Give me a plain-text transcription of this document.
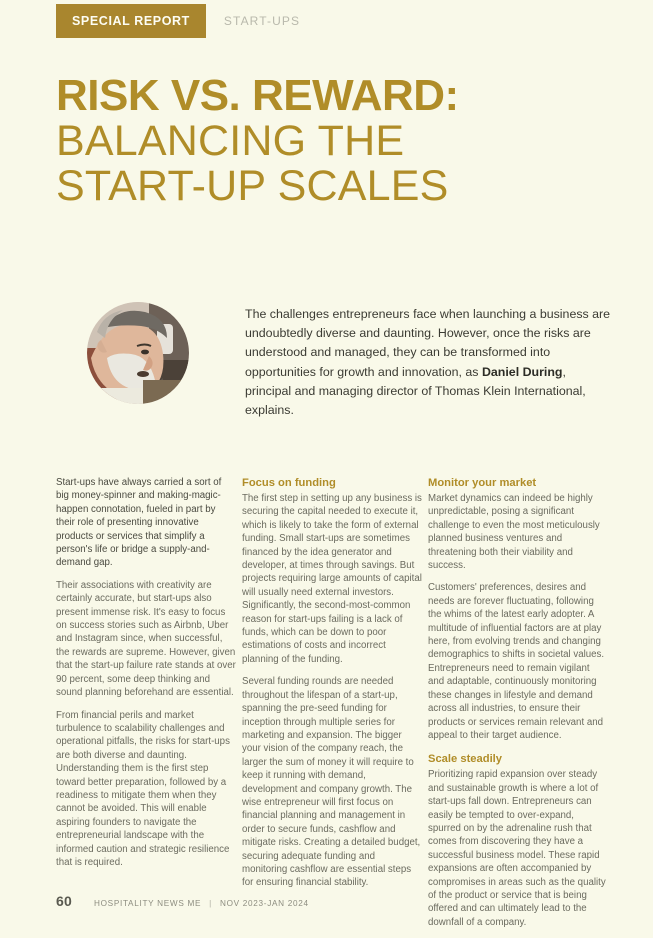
SPECIAL REPORT	START-UPS
RISK VS. REWARD:
BALANCING THE
START-UP SCALES
The challenges entrepreneurs face when launching a business are undoubtedly diverse and daunting. However, once the risks are understood and managed, they can be transformed into opportunities for growth and innovation, as Daniel During, principal and managing director of Thomas Klein International, explains.

Start-ups have always carried a sort of big money-spinner and making-magic-happen connotation, fueled in part by their role of presenting innovative products or services that simplify a person's life or bridge a supply-and-demand gap.

Their associations with creativity are certainly accurate, but start-ups also present immense risk. It's easy to focus on success stories such as Airbnb, Uber and Instagram since, when successful, the rewards are supreme. However, given that the start-up failure rate stands at over 90 percent, some deep thinking and sound planning beforehand are essential.

From financial perils and market turbulence to scalability challenges and operational pitfalls, the risks for start-ups are both diverse and daunting. Understanding them is the first step toward better preparation, followed by a readiness to mitigate them when they cannot be avoided. This will enable aspiring founders to navigate the entrepreneurial landscape with the informed caution and strategic resilience that is required.

Focus on funding

The first step in setting up any business is securing the capital needed to execute it, which is likely to take the form of external funding. Small start-ups are sometimes financed by the idea generator and developer, at times through savings. But projects requiring large amounts of capital will usually need external investors. Significantly, the second-most-common reason for start-ups failing is a lack of funds, which can be down to poor estimations of costs and incorrect planning of the funding.

Several funding rounds are needed throughout the lifespan of a start-up, spanning the pre-seed funding for inception through multiple series for marketing and expansion. The bigger your vision of the company reach, the larger the sum of money it will require to keep it running with demand, development and company growth. The wise entrepreneur will first focus on financial planning and management in order to secure funds, cashflow and mitigate risks. Creating a detailed budget, securing adequate funding and monitoring cashflow are essential steps for ensuring financial stability.

Monitor your market

Market dynamics can indeed be highly unpredictable, posing a significant challenge to even the most meticulously planned business ventures and threatening both their viability and success.

Customers' preferences, desires and needs are forever fluctuating, following the whims of the latest early adopter. A multitude of influential factors are at play here, from evolving trends and changing demographics to shifts in societal values. Entrepreneurs need to remain vigilant and adaptable, continuously monitoring these changes in lifestyle and demand across all industries, to ensure their products or services remain relevant and appeal to their target audience.

Scale steadily

Prioritizing rapid expansion over steady and sustainable growth is where a lot of start-ups fall down. Entrepreneurs can easily be tempted to over-expand, spurred on by the adrenaline rush that comes from discovering they have a successful business model. These rapid expansions are often accompanied by compromises in areas such as the quality of the product or service that is being offered and can ultimately lead to the downfall of a company.

60	HOSPITALITY NEWS ME | NOV 2023-JAN 2024
